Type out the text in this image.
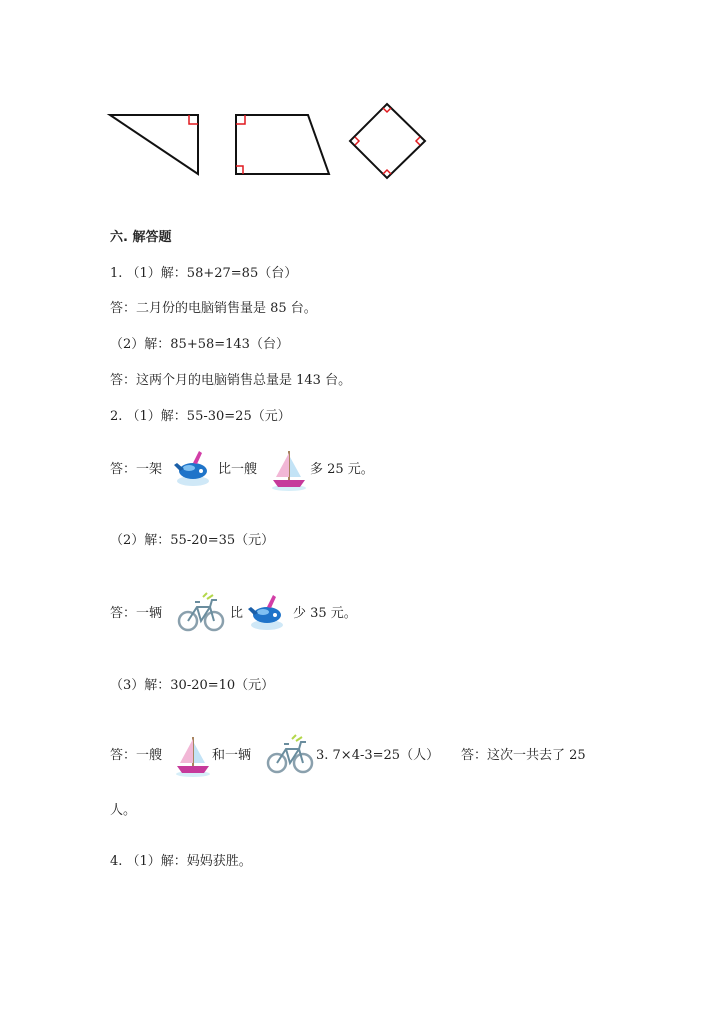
六. 解答题
1. （1）解：58+27=85（台）
答：二月份的电脑销售量是 85 台。
（2）解：85+58=143（台）
答：这两个月的电脑销售总量是 143 台。
2. （1）解：55-30=25（元）
答：一架	比一艘	多 25 元。
（2）解：55-20=35（元）
答：一辆	比	少 35 元。
（3）解：30-20=10（元）
答：一艘	和一辆	3. 7×4-3=25（人） 答：这次一共去了 25
人。
4. （1）解：妈妈获胜。
